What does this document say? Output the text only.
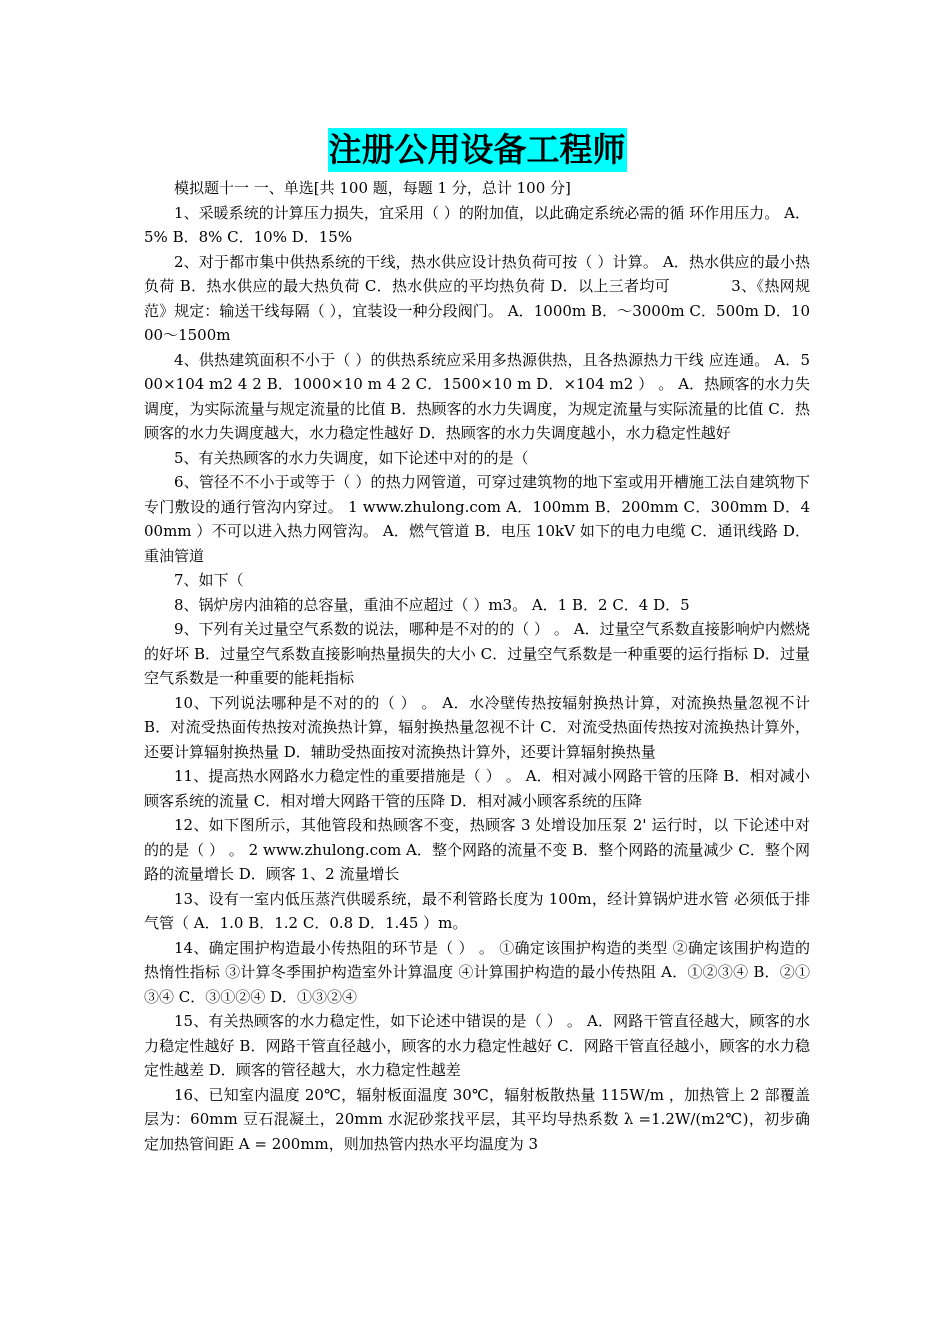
注册公用设备工程师

模拟题十一 一、单选[共 100 题，每题 1 分，总计 100 分]

1、采暖系统的计算压力损失，宜采用（ ）的附加值，以此确定系统必需的循 环作用压力。 A．5% B．8% C．10% D．15%

2、对于都市集中供热系统的干线，热水供应设计热负荷可按（ ）计算。 A．热水供应的最小热负荷 B．热水供应的最大热负荷 C．热水供应的平均热负荷 D．以上三者均可　　　　3、《热网规范》规定：输送干线每隔（ ），宜装设一种分段阀门。 A．1000m B．～3000m C．500m D．1000～1500m

4、供热建筑面积不小于（ ）的供热系统应采用多热源供热，且各热源热力干线 应连通。 A．500×104 m2 4 2 B．1000×10 m 4 2 C．1500×10 m D．×104 m2 ） 。 A．热顾客的水力失调度，为实际流量与规定流量的比值 B．热顾客的水力失调度，为规定流量与实际流量的比值 C．热顾客的水力失调度越大，水力稳定性越好 D．热顾客的水力失调度越小，水力稳定性越好

5、有关热顾客的水力失调度，如下论述中对的的是（

6、管径不不小于或等于（ ）的热力网管道，可穿过建筑物的地下室或用开槽施工法自建筑物下专门敷设的通行管沟内穿过。 1 www.zhulong.com A．100mm B．200mm C．300mm D．400mm ）不可以进入热力网管沟。 A．燃气管道 B．电压 10kV 如下的电力电缆 C．通讯线路 D．重油管道

7、如下（

8、锅炉房内油箱的总容量，重油不应超过（ ）m3。 A．1 B．2 C．4 D．5

9、下列有关过量空气系数的说法，哪种是不对的的（ ） 。 A．过量空气系数直接影响炉内燃烧的好坏 B．过量空气系数直接影响热量损失的大小 C．过量空气系数是一种重要的运行指标 D．过量空气系数是一种重要的能耗指标

10、下列说法哪种是不对的的（ ） 。 A．水冷壁传热按辐射换热计算，对流换热量忽视不计 B．对流受热面传热按对流换热计算，辐射换热量忽视不计 C．对流受热面传热按对流换热计算外，还要计算辐射换热量 D．辅助受热面按对流换热计算外，还要计算辐射换热量

11、提高热水网路水力稳定性的重要措施是（ ） 。 A．相对减小网路干管的压降 B．相对减小顾客系统的流量 C．相对增大网路干管的压降 D．相对减小顾客系统的压降

12、如下图所示，其他管段和热顾客不变，热顾客 3 处增设加压泵 2' 运行时，以 下论述中对的的是（ ） 。 2 www.zhulong.com A．整个网路的流量不变 B．整个网路的流量减少 C．整个网路的流量增长 D．顾客 1、2 流量增长

13、设有一室内低压蒸汽供暖系统，最不利管路长度为 100m，经计算锅炉进水管 必须低于排气管（ A．1.0 B．1.2 C．0.8 D．1.45 ）m。

14、确定围护构造最小传热阻的环节是（ ） 。 ①确定该围护构造的类型 ②确定该围护构造的热惰性指标 ③计算冬季围护构造室外计算温度 ④计算围护构造的最小传热阻 A．①②③④ B．②①③④ C．③①②④ D．①③②④

15、有关热顾客的水力稳定性，如下论述中错误的是（ ） 。 A．网路干管直径越大，顾客的水力稳定性越好 B．网路干管直径越小，顾客的水力稳定性越好 C．网路干管直径越小，顾客的水力稳定性越差 D．顾客的管径越大，水力稳定性越差

16、已知室内温度 20℃，辐射板面温度 30℃，辐射板散热量 115W/m ，加热管上 2 部覆盖层为：60mm 豆石混凝土，20mm 水泥砂浆找平层，其平均导热系数 λ =1.2W/(m2℃)，初步确定加热管间距 A = 200mm，则加热管内热水平均温度为 3
